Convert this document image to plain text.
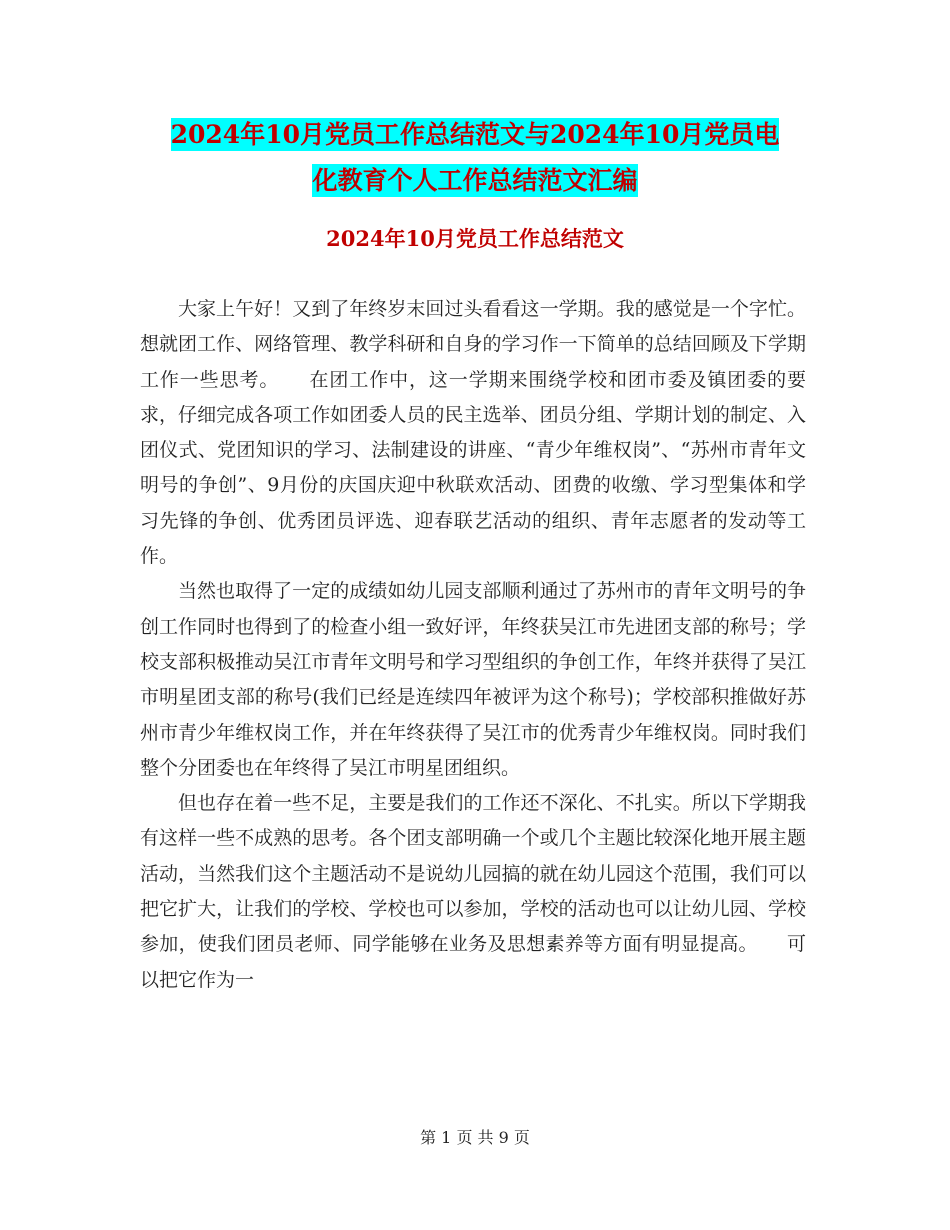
2024年10月党员工作总结范文与2024年10月党员电
化教育个人工作总结范文汇编
2024年10月党员工作总结范文

大家上午好！又到了年终岁末回过头看看这一学期。我的感觉是一个字忙。想就团工作、网络管理、教学科研和自身的学习作一下简单的总结回顾及下学期工作一些思考。　　在团工作中，这一学期来围绕学校和团市委及镇团委的要求，仔细完成各项工作如团委人员的民主选举、团员分组、学期计划的制定、入团仪式、党团知识的学习、法制建设的讲座、“青少年维权岗”、“苏州市青年文明号的争创”、9月份的庆国庆迎中秋联欢活动、团费的收缴、学习型集体和学习先锋的争创、优秀团员评选、迎春联艺活动的组织、青年志愿者的发动等工作。

当然也取得了一定的成绩如幼儿园支部顺利通过了苏州市的青年文明号的争创工作同时也得到了的检查小组一致好评，年终获吴江市先进团支部的称号；学校支部积极推动吴江市青年文明号和学习型组织的争创工作，年终并获得了吴江市明星团支部的称号(我们已经是连续四年被评为这个称号)；学校部积推做好苏州市青少年维权岗工作，并在年终获得了吴江市的优秀青少年维权岗。同时我们整个分团委也在年终得了吴江市明星团组织。

但也存在着一些不足，主要是我们的工作还不深化、不扎实。所以下学期我有这样一些不成熟的思考。各个团支部明确一个或几个主题比较深化地开展主题活动，当然我们这个主题活动不是说幼儿园搞的就在幼儿园这个范围，我们可以把它扩大，让我们的学校、学校也可以参加，学校的活动也可以让幼儿园、学校参加，使我们团员老师、同学能够在业务及思想素养等方面有明显提高。　　可以把它作为一

第 1 页 共 9 页
